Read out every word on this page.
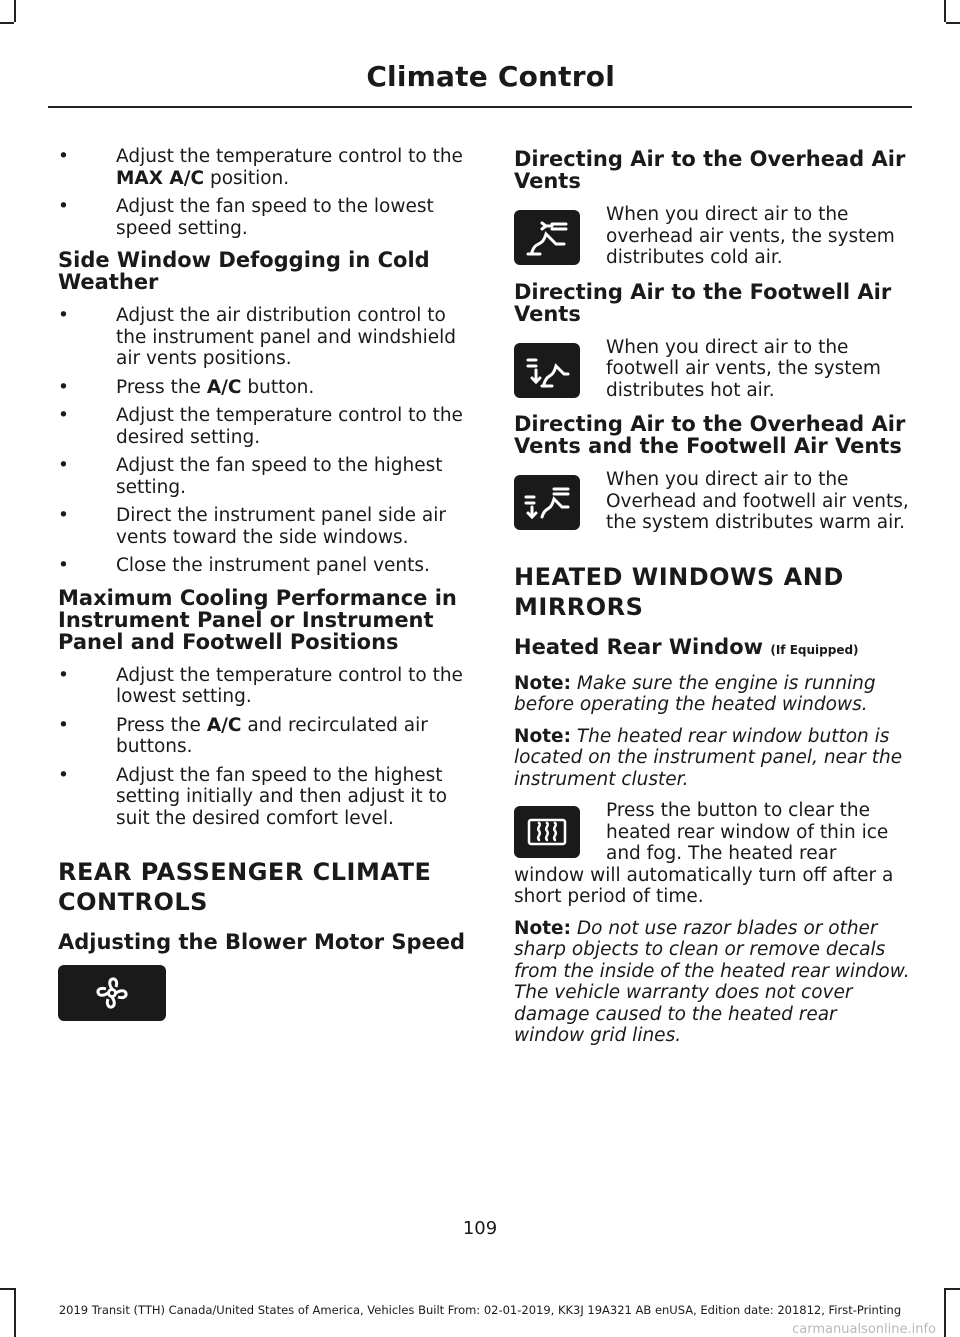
Climate Control
•	Adjust the temperature control to the MAX A/C position.
•	Adjust the fan speed to the lowest speed setting.
Side Window Defogging in Cold Weather
•	Adjust the air distribution control to the instrument panel and windshield air vents positions.
•	Press the A/C button.
•	Adjust the temperature control to the desired setting.
•	Adjust the fan speed to the highest setting.
•	Direct the instrument panel side air vents toward the side windows.
•	Close the instrument panel vents.
Maximum Cooling Performance in Instrument Panel or Instrument Panel and Footwell Positions
•	Adjust the temperature control to the lowest setting.
•	Press the A/C and recirculated air buttons.
•	Adjust the fan speed to the highest setting initially and then adjust it to suit the desired comfort level.
REAR PASSENGER CLIMATE
CONTROLS
Adjusting the Blower Motor Speed
Directing Air to the Overhead Air Vents
When you direct air to the overhead air vents, the system distributes cold air.
Directing Air to the Footwell Air Vents
When you direct air to the footwell air vents, the system distributes hot air.
Directing Air to the Overhead Air Vents and the Footwell Air Vents
When you direct air to the Overhead and footwell air vents, the system distributes warm air.
HEATED WINDOWS AND
MIRRORS
Heated Rear Window (If Equipped)

Note: Make sure the engine is running before operating the heated windows.

Note: The heated rear window button is located on the instrument panel, near the instrument cluster.

Press the button to clear the heated rear window of thin ice and fog. The heated rear window will automatically turn off after a short period of time.

Note: Do not use razor blades or other sharp objects to clean or remove decals from the inside of the heated rear window. The vehicle warranty does not cover damage caused to the heated rear window grid lines.

109
2019 Transit (TTH) Canada/United States of America, Vehicles Built From: 02-01-2019, KK3J 19A321 AB enUSA, Edition date: 201812, First-Printing
carmanualsonline.info
